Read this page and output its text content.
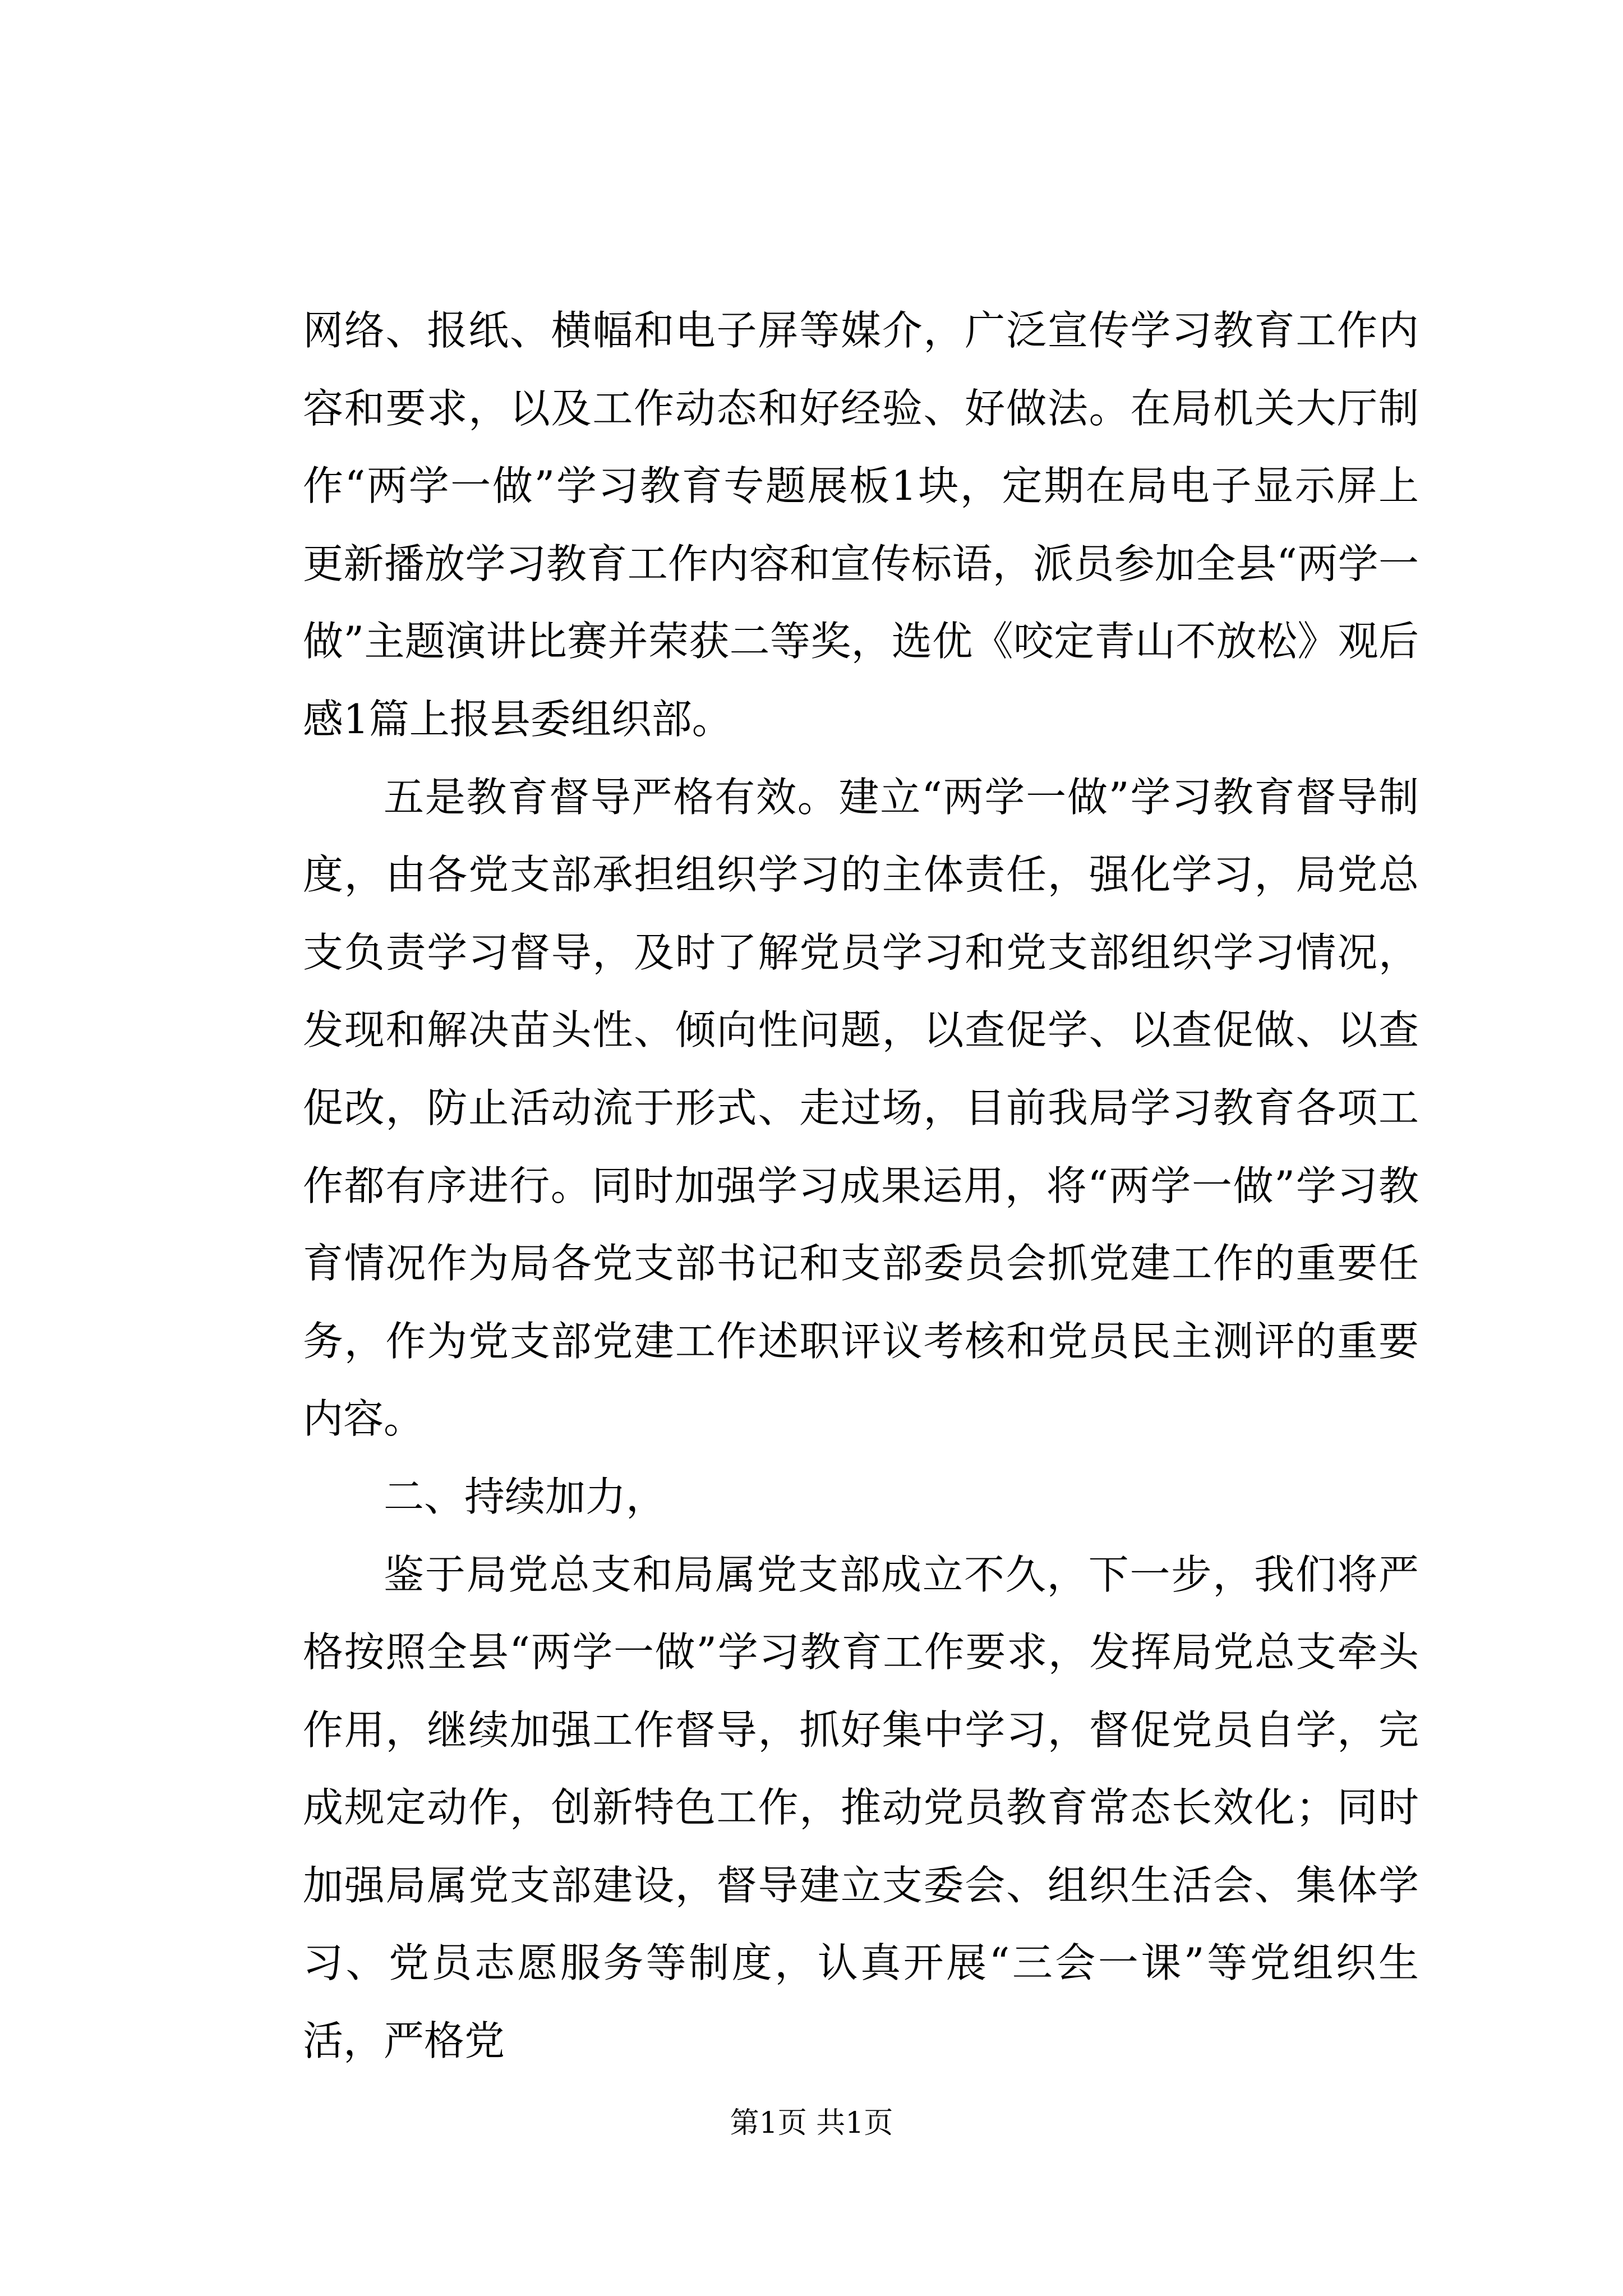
网络、报纸、横幅和电子屏等媒介，广泛宣传学习教育工作内容和要求，以及工作动态和好经验、好做法。在局机关大厅制作“两学一做”学习教育专题展板1块，定期在局电子显示屏上更新播放学习教育工作内容和宣传标语，派员参加全县“两学一做”主题演讲比赛并荣获二等奖，选优《咬定青山不放松》观后感1篇上报县委组织部。

五是教育督导严格有效。建立“两学一做”学习教育督导制度，由各党支部承担组织学习的主体责任，强化学习，局党总支负责学习督导，及时了解党员学习和党支部组织学习情况，发现和解决苗头性、倾向性问题，以查促学、以查促做、以查促改，防止活动流于形式、走过场，目前我局学习教育各项工作都有序进行。同时加强学习成果运用，将“两学一做”学习教育情况作为局各党支部书记和支部委员会抓党建工作的重要任务，作为党支部党建工作述职评议考核和党员民主测评的重要内容。

二、持续加力，

鉴于局党总支和局属党支部成立不久，下一步，我们将严格按照全县“两学一做”学习教育工作要求，发挥局党总支牵头作用，继续加强工作督导，抓好集中学习，督促党员自学，完成规定动作，创新特色工作，推动党员教育常态长效化；同时加强局属党支部建设，督导建立支委会、组织生活会、集体学习、党员志愿服务等制度，认真开展“三会一课”等党组织生活，严格党

第1页 共1页
